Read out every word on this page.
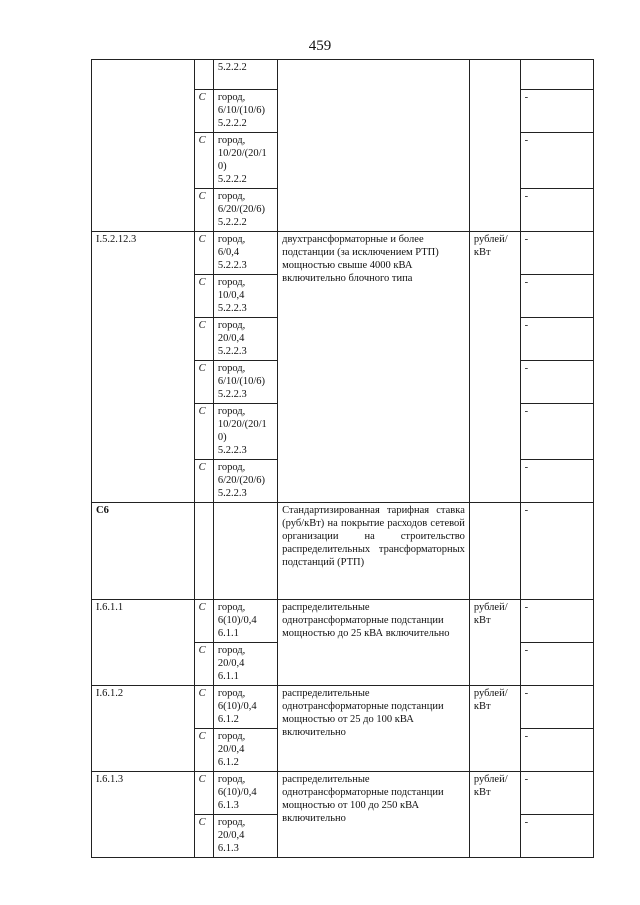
459
		5.2.2.2			
	С	город,
6/10/(10/6)
5.2.2.2			-
	С	город,
10/20/(20/1
0)
5.2.2.2			-
	С	город,
6/20/(20/6)
5.2.2.2			-
I.5.2.12.3	С	город,
6/0,4
5.2.2.3	двухтрансформаторные и более подстанции (за исключением РТП) мощностью свыше 4000 кВА включительно блочного типа	рублей/
кВт	-
	С	город,
10/0,4
5.2.2.3			-
	С	город,
20/0,4
5.2.2.3			-
	С	город,
6/10/(10/6)
5.2.2.3			-
	С	город,
10/20/(20/1
0)
5.2.2.3			-
	С	город,
6/20/(20/6)
5.2.2.3			-
С6			Стандартизированная тарифная ставка (руб/кВт) на покрытие расходов сетевой организации на строительство распределительных трансформаторных подстанций (РТП)		-
I.6.1.1	С	город,
6(10)/0,4
6.1.1	распределительные однотрансформаторные подстанции мощностью до 25 кВА включительно	рублей/
кВт	-
	С	город,
20/0,4
6.1.1			-
I.6.1.2	С	город,
6(10)/0,4
6.1.2	распределительные однотрансформаторные подстанции мощностью от 25 до 100 кВА включительно	рублей/
кВт	-
	С	город,
20/0,4
6.1.2			-
I.6.1.3	С	город,
6(10)/0,4
6.1.3	распределительные однотрансформаторные подстанции мощностью от 100 до 250 кВА включительно	рублей/
кВт	-
	С	город,
20/0,4
6.1.3			-
